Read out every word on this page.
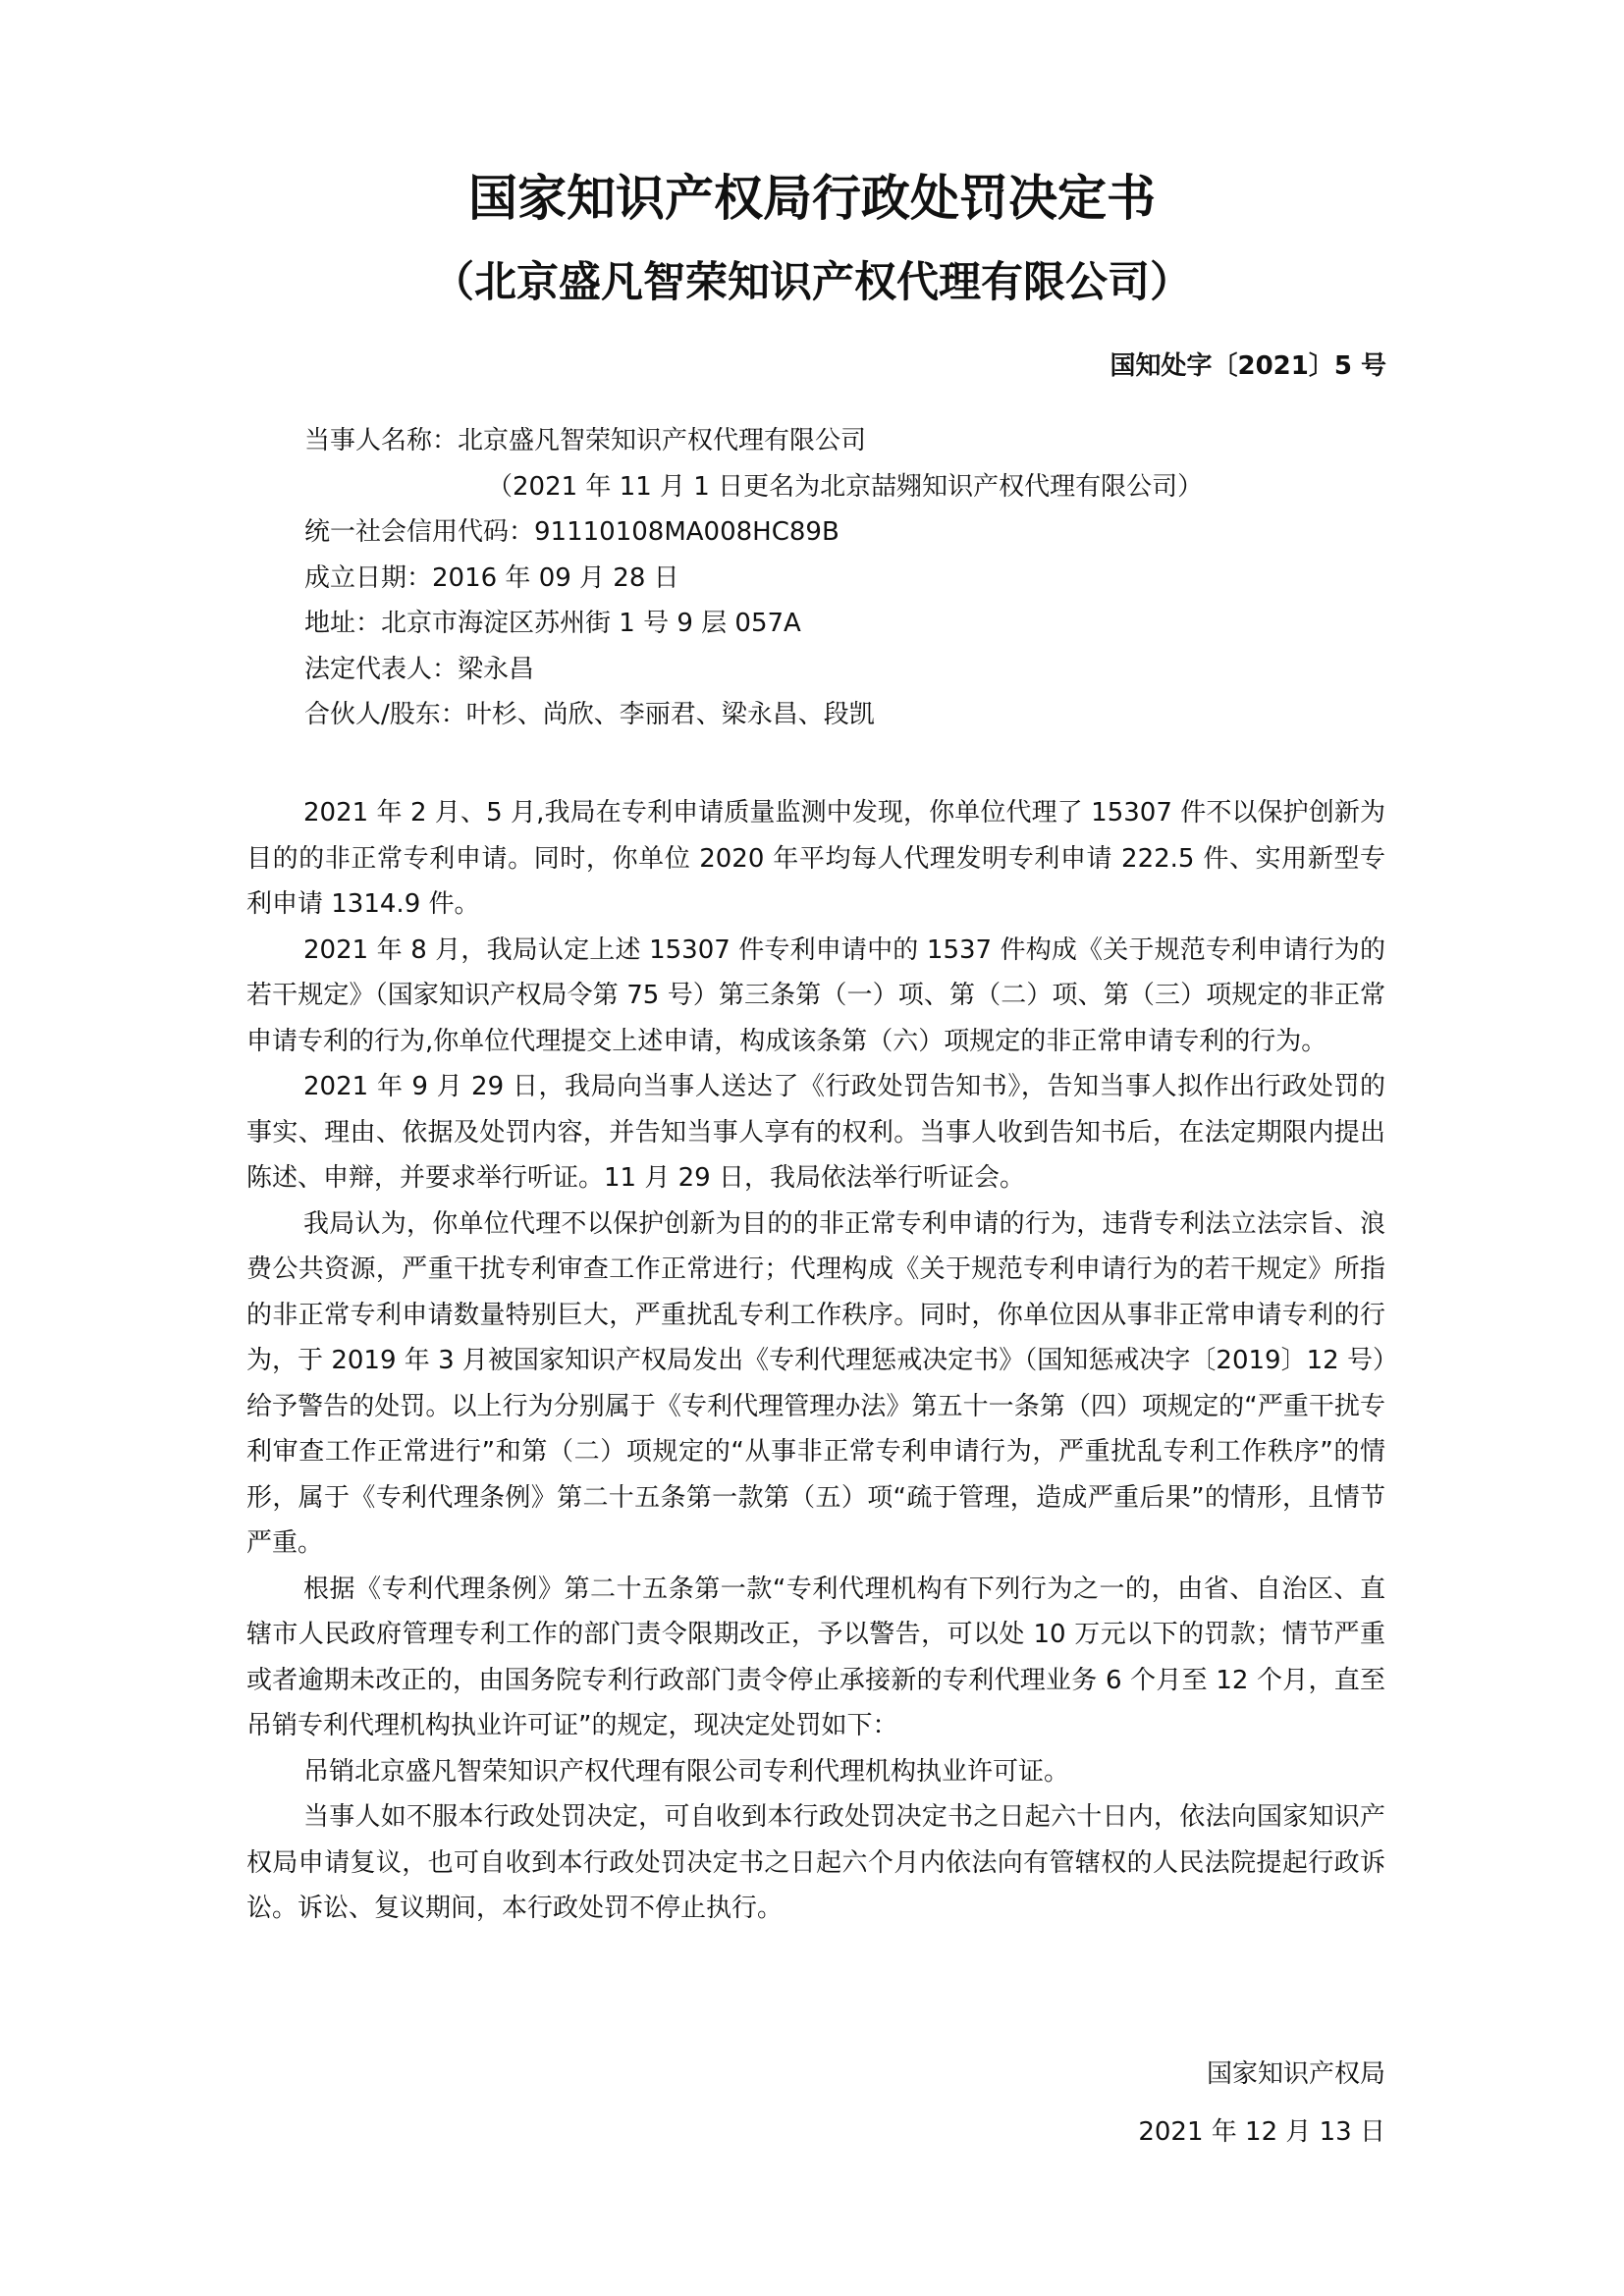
国家知识产权局行政处罚决定书
（北京盛凡智荣知识产权代理有限公司）
国知处字〔2021〕5 号
当事人名称：北京盛凡智荣知识产权代理有限公司
（2021 年 11 月 1 日更名为北京喆翙知识产权代理有限公司）
统一社会信用代码：91110108MA008HC89B
成立日期：2016 年 09 月 28 日
地址：北京市海淀区苏州街 1 号 9 层 057A
法定代表人：梁永昌
合伙人/股东：叶杉、尚欣、李丽君、梁永昌、段凯

2021 年 2 月、5 月,我局在专利申请质量监测中发现，你单位代理了 15307 件不以保护创新为目的的非正常专利申请。同时，你单位 2020 年平均每人代理发明专利申请 222.5 件、实用新型专利申请 1314.9 件。

2021 年 8 月，我局认定上述 15307 件专利申请中的 1537 件构成《关于规范专利申请行为的若干规定》（国家知识产权局令第 75 号）第三条第（一）项、第（二）项、第（三）项规定的非正常申请专利的行为,你单位代理提交上述申请，构成该条第（六）项规定的非正常申请专利的行为。

2021 年 9 月 29 日，我局向当事人送达了《行政处罚告知书》，告知当事人拟作出行政处罚的事实、理由、依据及处罚内容，并告知当事人享有的权利。当事人收到告知书后，在法定期限内提出陈述、申辩，并要求举行听证。11 月 29 日，我局依法举行听证会。

我局认为，你单位代理不以保护创新为目的的非正常专利申请的行为，违背专利法立法宗旨、浪费公共资源，严重干扰专利审查工作正常进行；代理构成《关于规范专利申请行为的若干规定》所指的非正常专利申请数量特别巨大，严重扰乱专利工作秩序。同时，你单位因从事非正常申请专利的行为，于 2019 年 3 月被国家知识产权局发出《专利代理惩戒决定书》（国知惩戒决字〔2019〕12 号）给予警告的处罚。以上行为分别属于《专利代理管理办法》第五十一条第（四）项规定的“严重干扰专利审查工作正常进行”和第（二）项规定的“从事非正常专利申请行为，严重扰乱专利工作秩序”的情形，属于《专利代理条例》第二十五条第一款第（五）项“疏于管理，造成严重后果”的情形，且情节严重。

根据《专利代理条例》第二十五条第一款“专利代理机构有下列行为之一的，由省、自治区、直辖市人民政府管理专利工作的部门责令限期改正，予以警告，可以处 10 万元以下的罚款；情节严重或者逾期未改正的，由国务院专利行政部门责令停止承接新的专利代理业务 6 个月至 12 个月，直至吊销专利代理机构执业许可证”的规定，现决定处罚如下：

吊销北京盛凡智荣知识产权代理有限公司专利代理机构执业许可证。

当事人如不服本行政处罚决定，可自收到本行政处罚决定书之日起六十日内，依法向国家知识产权局申请复议，也可自收到本行政处罚决定书之日起六个月内依法向有管辖权的人民法院提起行政诉讼。诉讼、复议期间，本行政处罚不停止执行。

国家知识产权局
2021 年 12 月 13 日
